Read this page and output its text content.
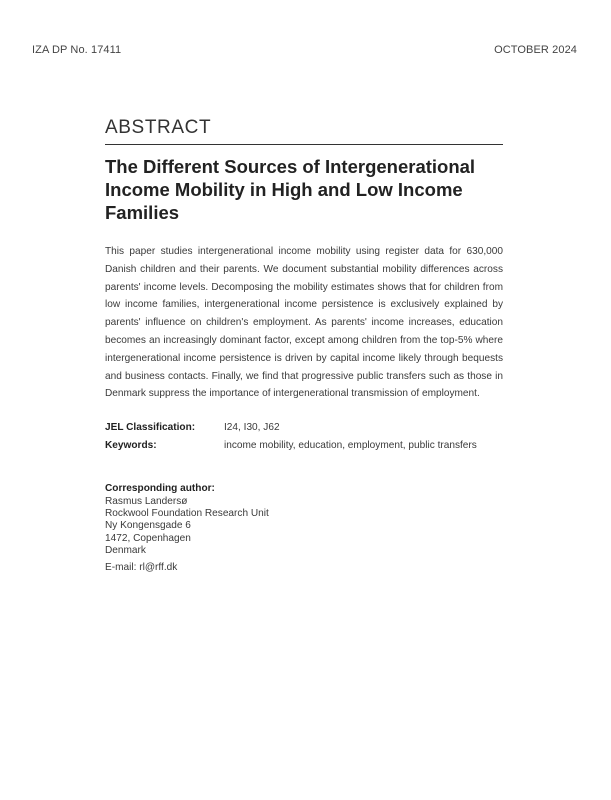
IZA DP No. 17411	OCTOBER 2024
ABSTRACT
The Different Sources of Intergenerational Income Mobility in High and Low Income Families
This paper studies intergenerational income mobility using register data for 630,000 Danish children and their parents. We document substantial mobility differences across parents' income levels. Decomposing the mobility estimates shows that for children from low income families, intergenerational income persistence is exclusively explained by parents' influence on children's employment. As parents' income increases, education becomes an increasingly dominant factor, except among children from the top-5% where intergenerational income persistence is driven by capital income likely through bequests and business contacts. Finally, we find that progressive public transfers such as those in Denmark suppress the importance of intergenerational transmission of employment.
JEL Classification:	I24, I30, J62
Keywords:	income mobility, education, employment, public transfers
Corresponding author:
Rasmus Landersø
Rockwool Foundation Research Unit
Ny Kongensgade 6
1472, Copenhagen
Denmark
E-mail: rl@rff.dk
